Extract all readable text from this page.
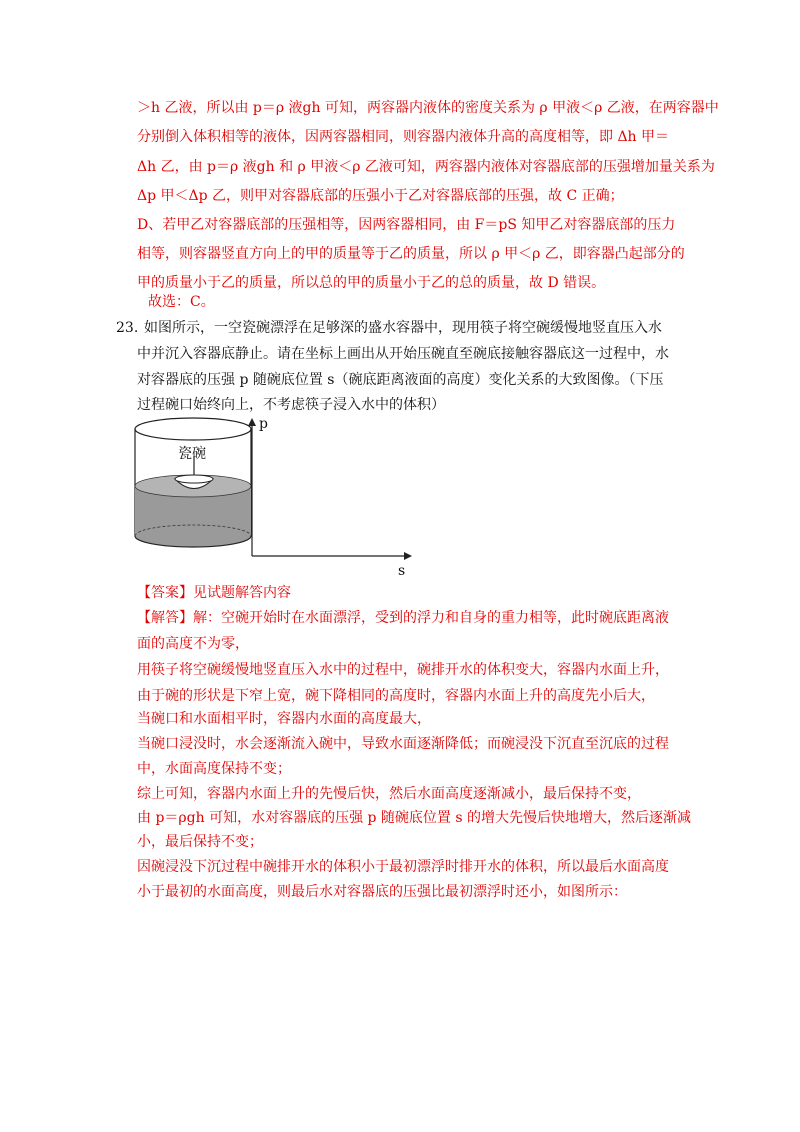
＞h 乙液，所以由 p＝ρ 液gh 可知，两容器内液体的密度关系为 ρ 甲液＜ρ 乙液，在两容器中
分别倒入体积相等的液体，因两容器相同，则容器内液体升高的高度相等，即 Δh 甲＝
Δh 乙，由 p＝ρ 液gh 和 ρ 甲液＜ρ 乙液可知，两容器内液体对容器底部的压强增加量关系为
Δp 甲＜Δp 乙，则甲对容器底部的压强小于乙对容器底部的压强，故 C 正确；
D、若甲乙对容器底部的压强相等，因两容器相同，由 F＝pS 知甲乙对容器底部的压力
相等，则容器竖直方向上的甲的质量等于乙的质量，所以 ρ 甲＜ρ 乙，即容器凸起部分的
甲的质量小于乙的质量，所以总的甲的质量小于乙的总的质量，故 D 错误。
故选：C。
23. 如图所示，一空瓷碗漂浮在足够深的盛水容器中，现用筷子将空碗缓慢地竖直压入水
中并沉入容器底静止。请在坐标上画出从开始压碗直至碗底接触容器底这一过程中，水
对容器底的压强 p 随碗底位置 s（碗底距离液面的高度）变化关系的大致图像。（下压
过程碗口始终向上，不考虑筷子浸入水中的体积）
瓷碗
p
s
【答案】见试题解答内容
【解答】解：空碗开始时在水面漂浮，受到的浮力和自身的重力相等，此时碗底距离液
面的高度不为零，
用筷子将空碗缓慢地竖直压入水中的过程中，碗排开水的体积变大，容器内水面上升，
由于碗的形状是下窄上宽，碗下降相同的高度时，容器内水面上升的高度先小后大，
当碗口和水面相平时，容器内水面的高度最大，
当碗口浸没时，水会逐渐流入碗中，导致水面逐渐降低；而碗浸没下沉直至沉底的过程
中，水面高度保持不变；
综上可知，容器内水面上升的先慢后快，然后水面高度逐渐减小，最后保持不变，
由 p＝ρgh 可知，水对容器底的压强 p 随碗底位置 s 的增大先慢后快地增大，然后逐渐减
小，最后保持不变；
因碗浸没下沉过程中碗排开水的体积小于最初漂浮时排开水的体积，所以最后水面高度
小于最初的水面高度，则最后水对容器底的压强比最初漂浮时还小，如图所示：
